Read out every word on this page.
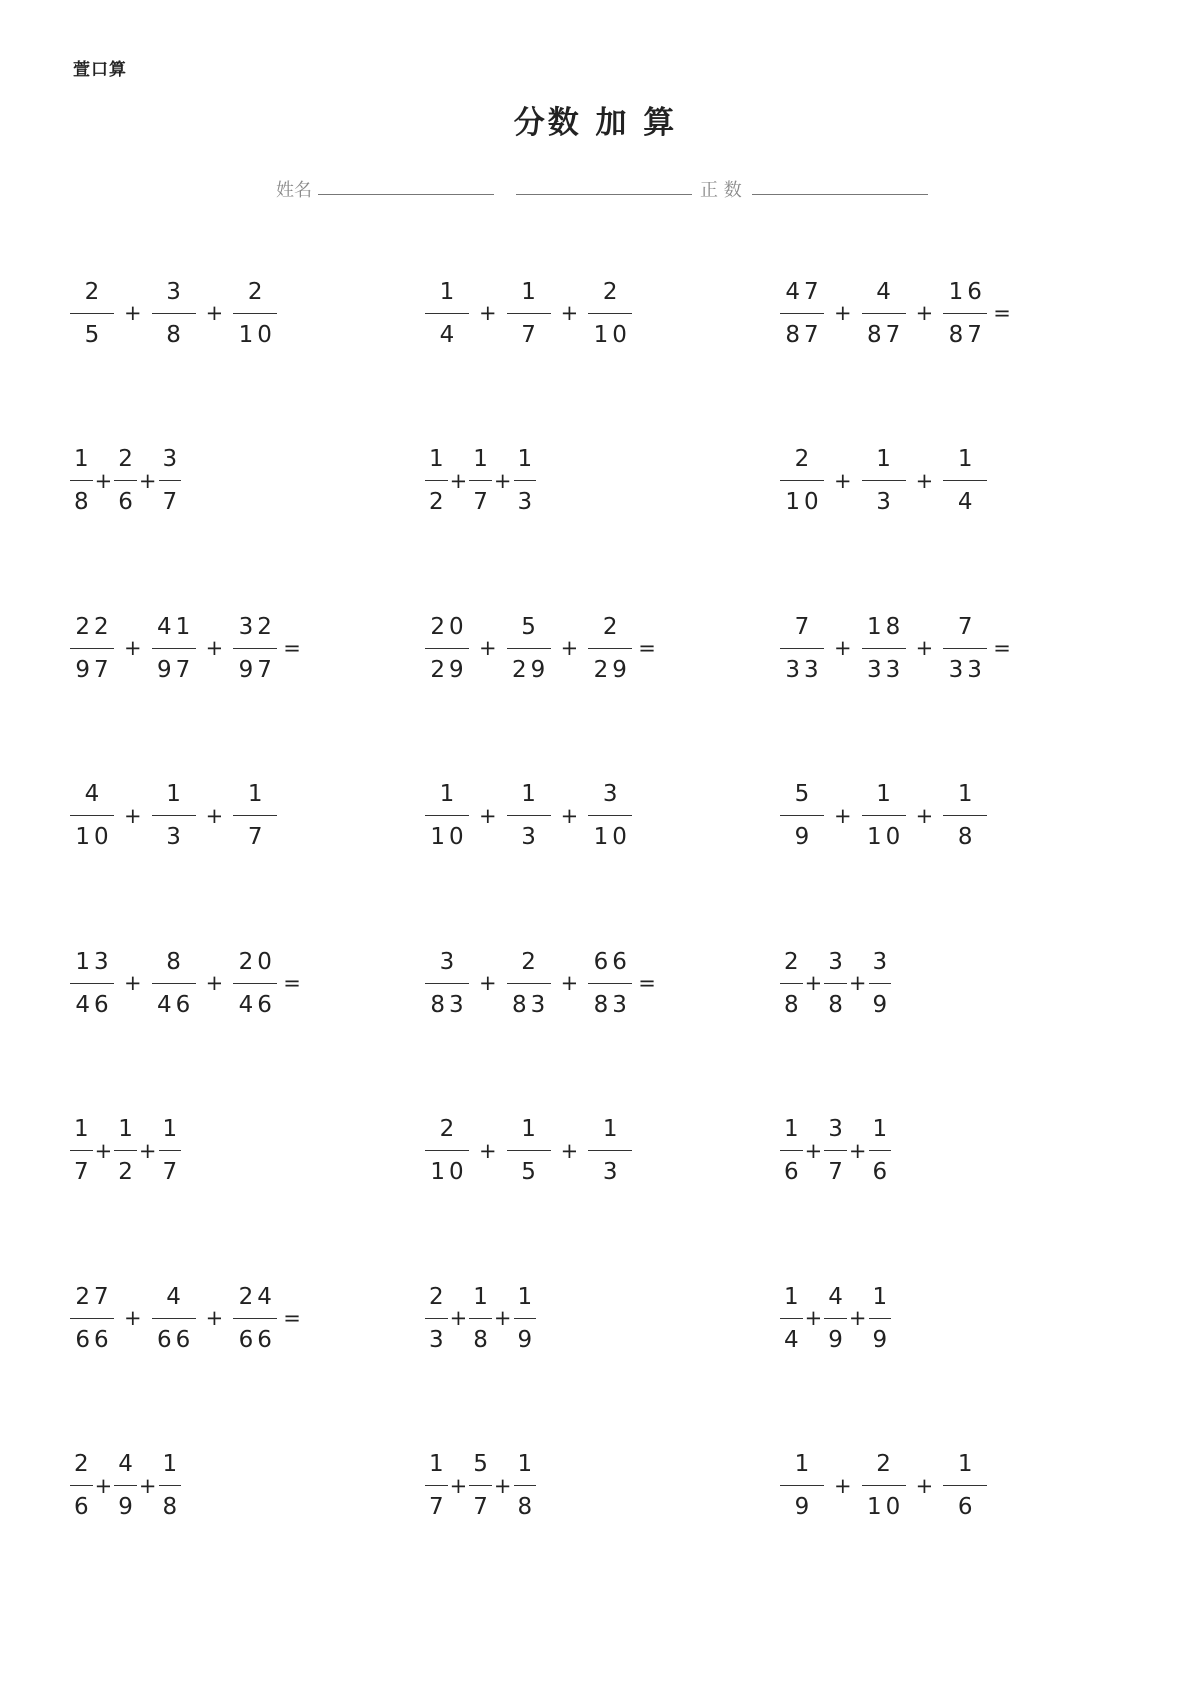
萱口算
分数 加 算
姓名	正 数
$\frac{2}{5} + \frac{3}{8} + \frac{2}{10}$	$\frac{1}{4} + \frac{1}{7} + \frac{2}{10}$	$\frac{47}{87} + \frac{4}{87} + \frac{16}{87}$ =
$\frac{1}{8} + \frac{2}{6} + \frac{3}{7}$	$\frac{1}{2} + \frac{1}{7} + \frac{1}{3}$	$\frac{2}{10} + \frac{1}{3} + \frac{1}{4}$
$\frac{22}{97} + \frac{41}{97} + \frac{32}{97}$ =	$\frac{20}{29} + \frac{5}{29} + \frac{2}{29}$ =	$\frac{7}{33} + \frac{18}{33} + \frac{7}{33}$ =
$\frac{4}{10} + \frac{1}{3} + \frac{1}{7}$	$\frac{1}{10} + \frac{1}{3} + \frac{3}{10}$	$\frac{5}{9} + \frac{1}{10} + \frac{1}{8}$
$\frac{13}{46} + \frac{8}{46} + \frac{20}{46}$ =	$\frac{3}{83} + \frac{2}{83} + \frac{66}{83}$ =	$\frac{2}{8} + \frac{3}{8} + \frac{3}{9}$
$\frac{1}{7} + \frac{1}{2} + \frac{1}{7}$	$\frac{2}{10} + \frac{1}{5} + \frac{1}{3}$	$\frac{1}{6} + \frac{3}{7} + \frac{1}{6}$
$\frac{27}{66} + \frac{4}{66} + \frac{24}{66}$ =	$\frac{2}{3} + \frac{1}{8} + \frac{1}{9}$	$\frac{1}{4} + \frac{4}{9} + \frac{1}{9}$
$\frac{2}{6} + \frac{4}{9} + \frac{1}{8}$	$\frac{1}{7} + \frac{5}{7} + \frac{1}{8}$	$\frac{1}{9} + \frac{2}{10} + \frac{1}{6}$
